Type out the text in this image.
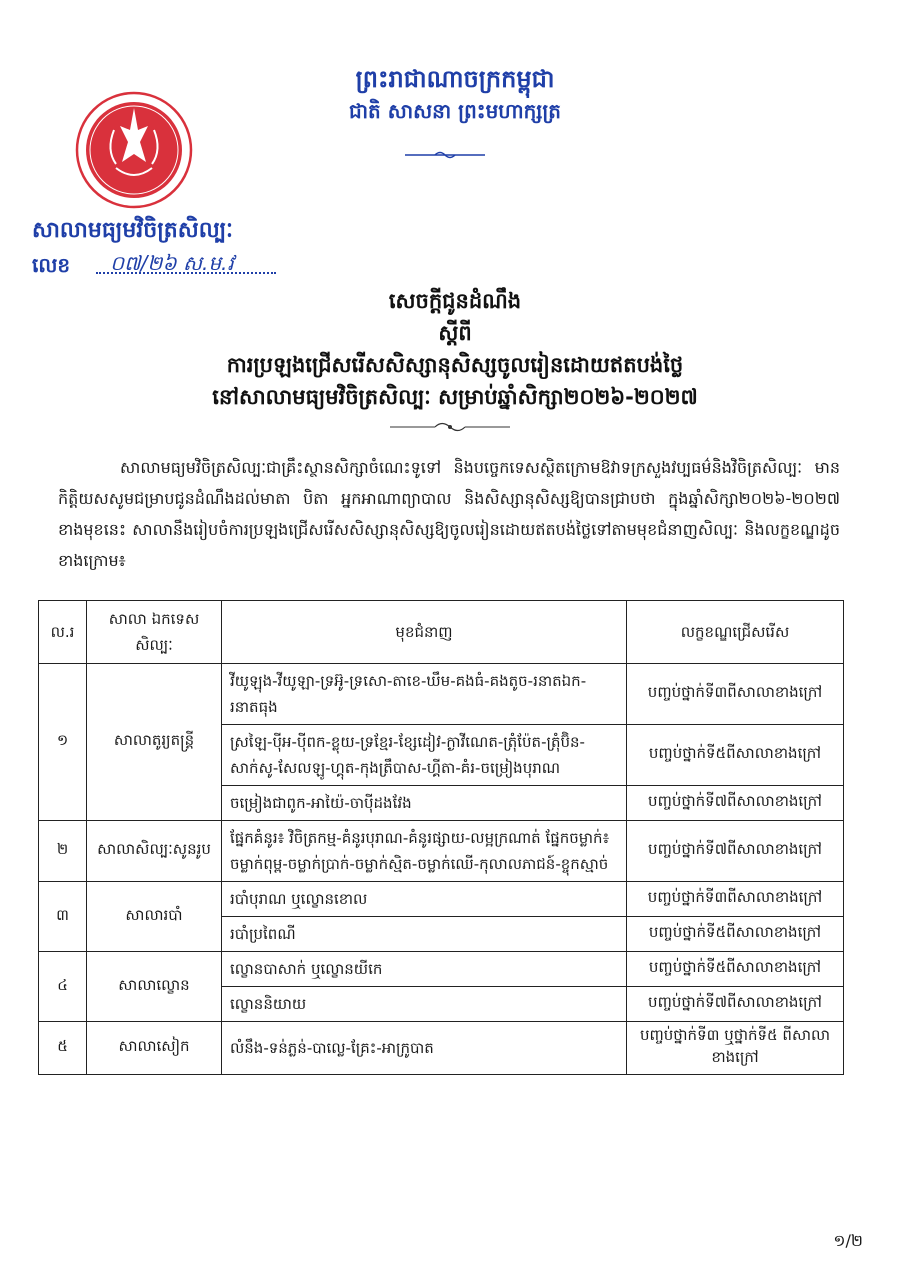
ព្រះរាជាណាចក្រកម្ពុជា
ជាតិ សាសនា ព្រះមហាក្សត្រ
សាលាមធ្យមវិចិត្រសិល្បៈ
លេខ ០៧/២៦ ស.ម.វ
សេចក្ដីជូនដំណឹង
ស្ដីពី
ការប្រឡងជ្រើសរើសសិស្សានុសិស្សចូលរៀនដោយឥតបង់ថ្លៃ
នៅសាលាមធ្យមវិចិត្រសិល្បៈ សម្រាប់ឆ្នាំសិក្សា២០២៦-២០២៧

សាលាមធ្យមវិចិត្រសិល្បៈជាគ្រឹះស្ថានសិក្សាចំណេះទូទៅ និងបច្ចេកទេសស្ថិតក្រោមឱវាទក្រសួងវប្បធម៌និងវិចិត្រសិល្បៈ មានកិត្តិយសសូមជម្រាបជូនដំណឹងដល់មាតា បិតា អ្នកអាណាព្យាបាល និងសិស្សានុសិស្សឱ្យបានជ្រាបថា ក្នុងឆ្នាំសិក្សា២០២៦-២០២៧ ខាងមុខនេះ សាលានឹងរៀបចំការប្រឡងជ្រើសរើសសិស្សានុសិស្សឱ្យចូលរៀនដោយឥតបង់ថ្លៃទៅតាមមុខជំនាញសិល្បៈ និងលក្ខខណ្ឌដូចខាងក្រោម៖

ល.រ	សាលា ឯកទេសសិល្បៈ	មុខជំនាញ	លក្ខខណ្ឌជ្រើសរើស
១	សាលាតូរ្យតន្ត្រី	វីយូឡុង-វីយូឡា-ទ្រអ៊ូ-ទ្រសោ-តាខេ-ឃឹម-គងធំ-គងតូច-រនាតឯក-រនាតធុង	បញ្ចប់ថ្នាក់ទី៣ពីសាលាខាងក្រៅ
		ស្រឡៃ-ប៉ីអ-ប៉ីពក-ខ្លុយ-ទ្រខ្មែរ-ខ្សែដៀវ-ក្ងាវីណេត-ត្រុំប៉ែត-ត្រុំប៊ិន-សាក់សូ-សែលឡូ-ហ្គុត-កុងត្រឹបាស-ហ្គីតា-គំរ-ចម្រៀងបុរាណ	បញ្ចប់ថ្នាក់ទី៥ពីសាលាខាងក្រៅ
		ចម្រៀងជាពូក-អាយ៉ៃ-ចាប៉ីដងវែង	បញ្ចប់ថ្នាក់ទី៧ពីសាលាខាងក្រៅ
២	សាលាសិល្បៈសូនរូប	ផ្នែកគំនូរ៖ វិចិត្រកម្ម-គំនូរបុរាណ-គំនូរផ្សាយ-លម្អក្រណាត់ ផ្នែកចម្លាក់៖ ចម្លាក់ពុម្ព-ចម្លាក់ប្រាក់-ចម្លាក់ស្មិត-ចម្លាក់ឈើ-កុលាលភាជន៍-ខ្ចុកស្មាច់	បញ្ចប់ថ្នាក់ទី៧ពីសាលាខាងក្រៅ
៣	សាលារបាំ	របាំបុរាណ ឬល្ខោនខោល	បញ្ចប់ថ្នាក់ទី៣ពីសាលាខាងក្រៅ
		របាំប្រពៃណី	បញ្ចប់ថ្នាក់ទី៥ពីសាលាខាងក្រៅ
៤	សាលាល្ខោន	ល្ខោនបាសាក់ ឬល្ខោនយីកេ	បញ្ចប់ថ្នាក់ទី៥ពីសាលាខាងក្រៅ
		ល្ខោននិយាយ	បញ្ចប់ថ្នាក់ទី៧ពីសាលាខាងក្រៅ
៥	សាលាសៀក	លំនឹង-ទន់ភ្លន់-បាល្លេ-គ្រែះ-អាក្រូបាត	បញ្ចប់ថ្នាក់ទី៣ ឬថ្នាក់ទី៥ ពីសាលាខាងក្រៅ
១/២
